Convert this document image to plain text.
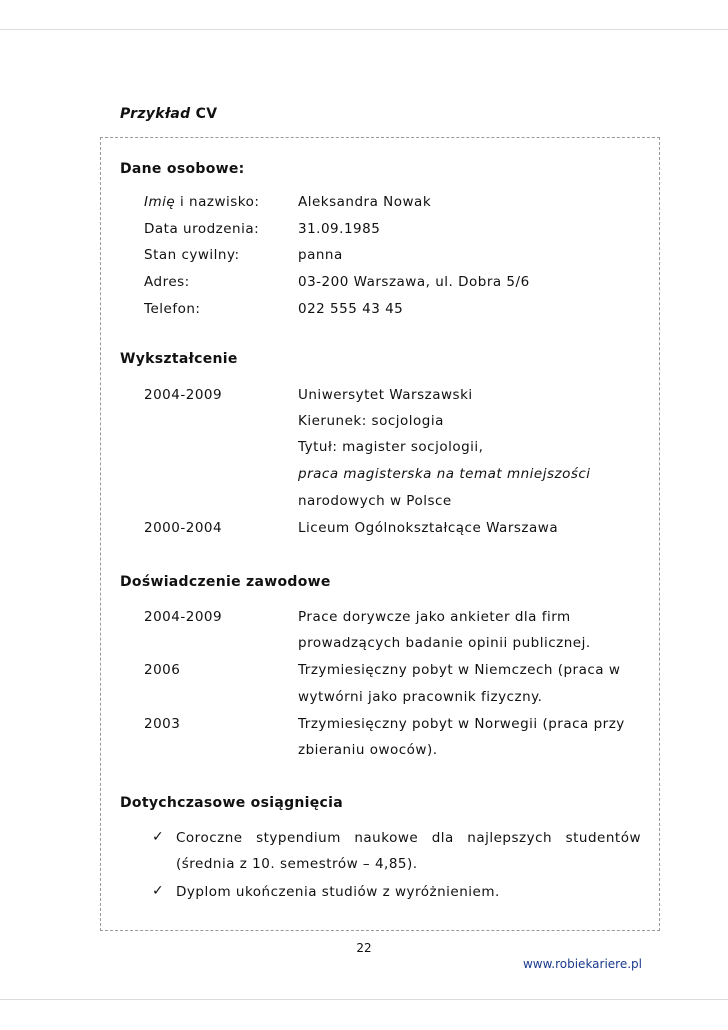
Przykład CV
Dane osobowe:
Imię i nazwisko:	Aleksandra Nowak
Data urodzenia:	31.09.1985
Stan cywilny:	panna
Adres:	03-200 Warszawa, ul. Dobra 5/6
Telefon:	022 555 43 45
Wykształcenie
2004-2009	Uniwersytet Warszawski
Kierunek: socjologia
Tytuł: magister socjologii,
praca magisterska na temat mniejszości
narodowych w Polsce
2000-2004	Liceum Ogólnokształcące Warszawa
Doświadczenie zawodowe
2004-2009	Prace dorywcze jako ankieter dla firm
prowadzących badanie opinii publicznej.
2006	Trzymiesięczny pobyt w Niemczech (praca w
wytwórni jako pracownik fizyczny.
2003	Trzymiesięczny pobyt w Norwegii (praca przy
zbieraniu owoców).
Dotychczasowe osiągnięcia
✓ Coroczne stypendium naukowe dla najlepszych studentów
(średnia z 10. semestrów – 4,85).
✓ Dyplom ukończenia studiów z wyróżnieniem.
22
www.robiekariere.pl
